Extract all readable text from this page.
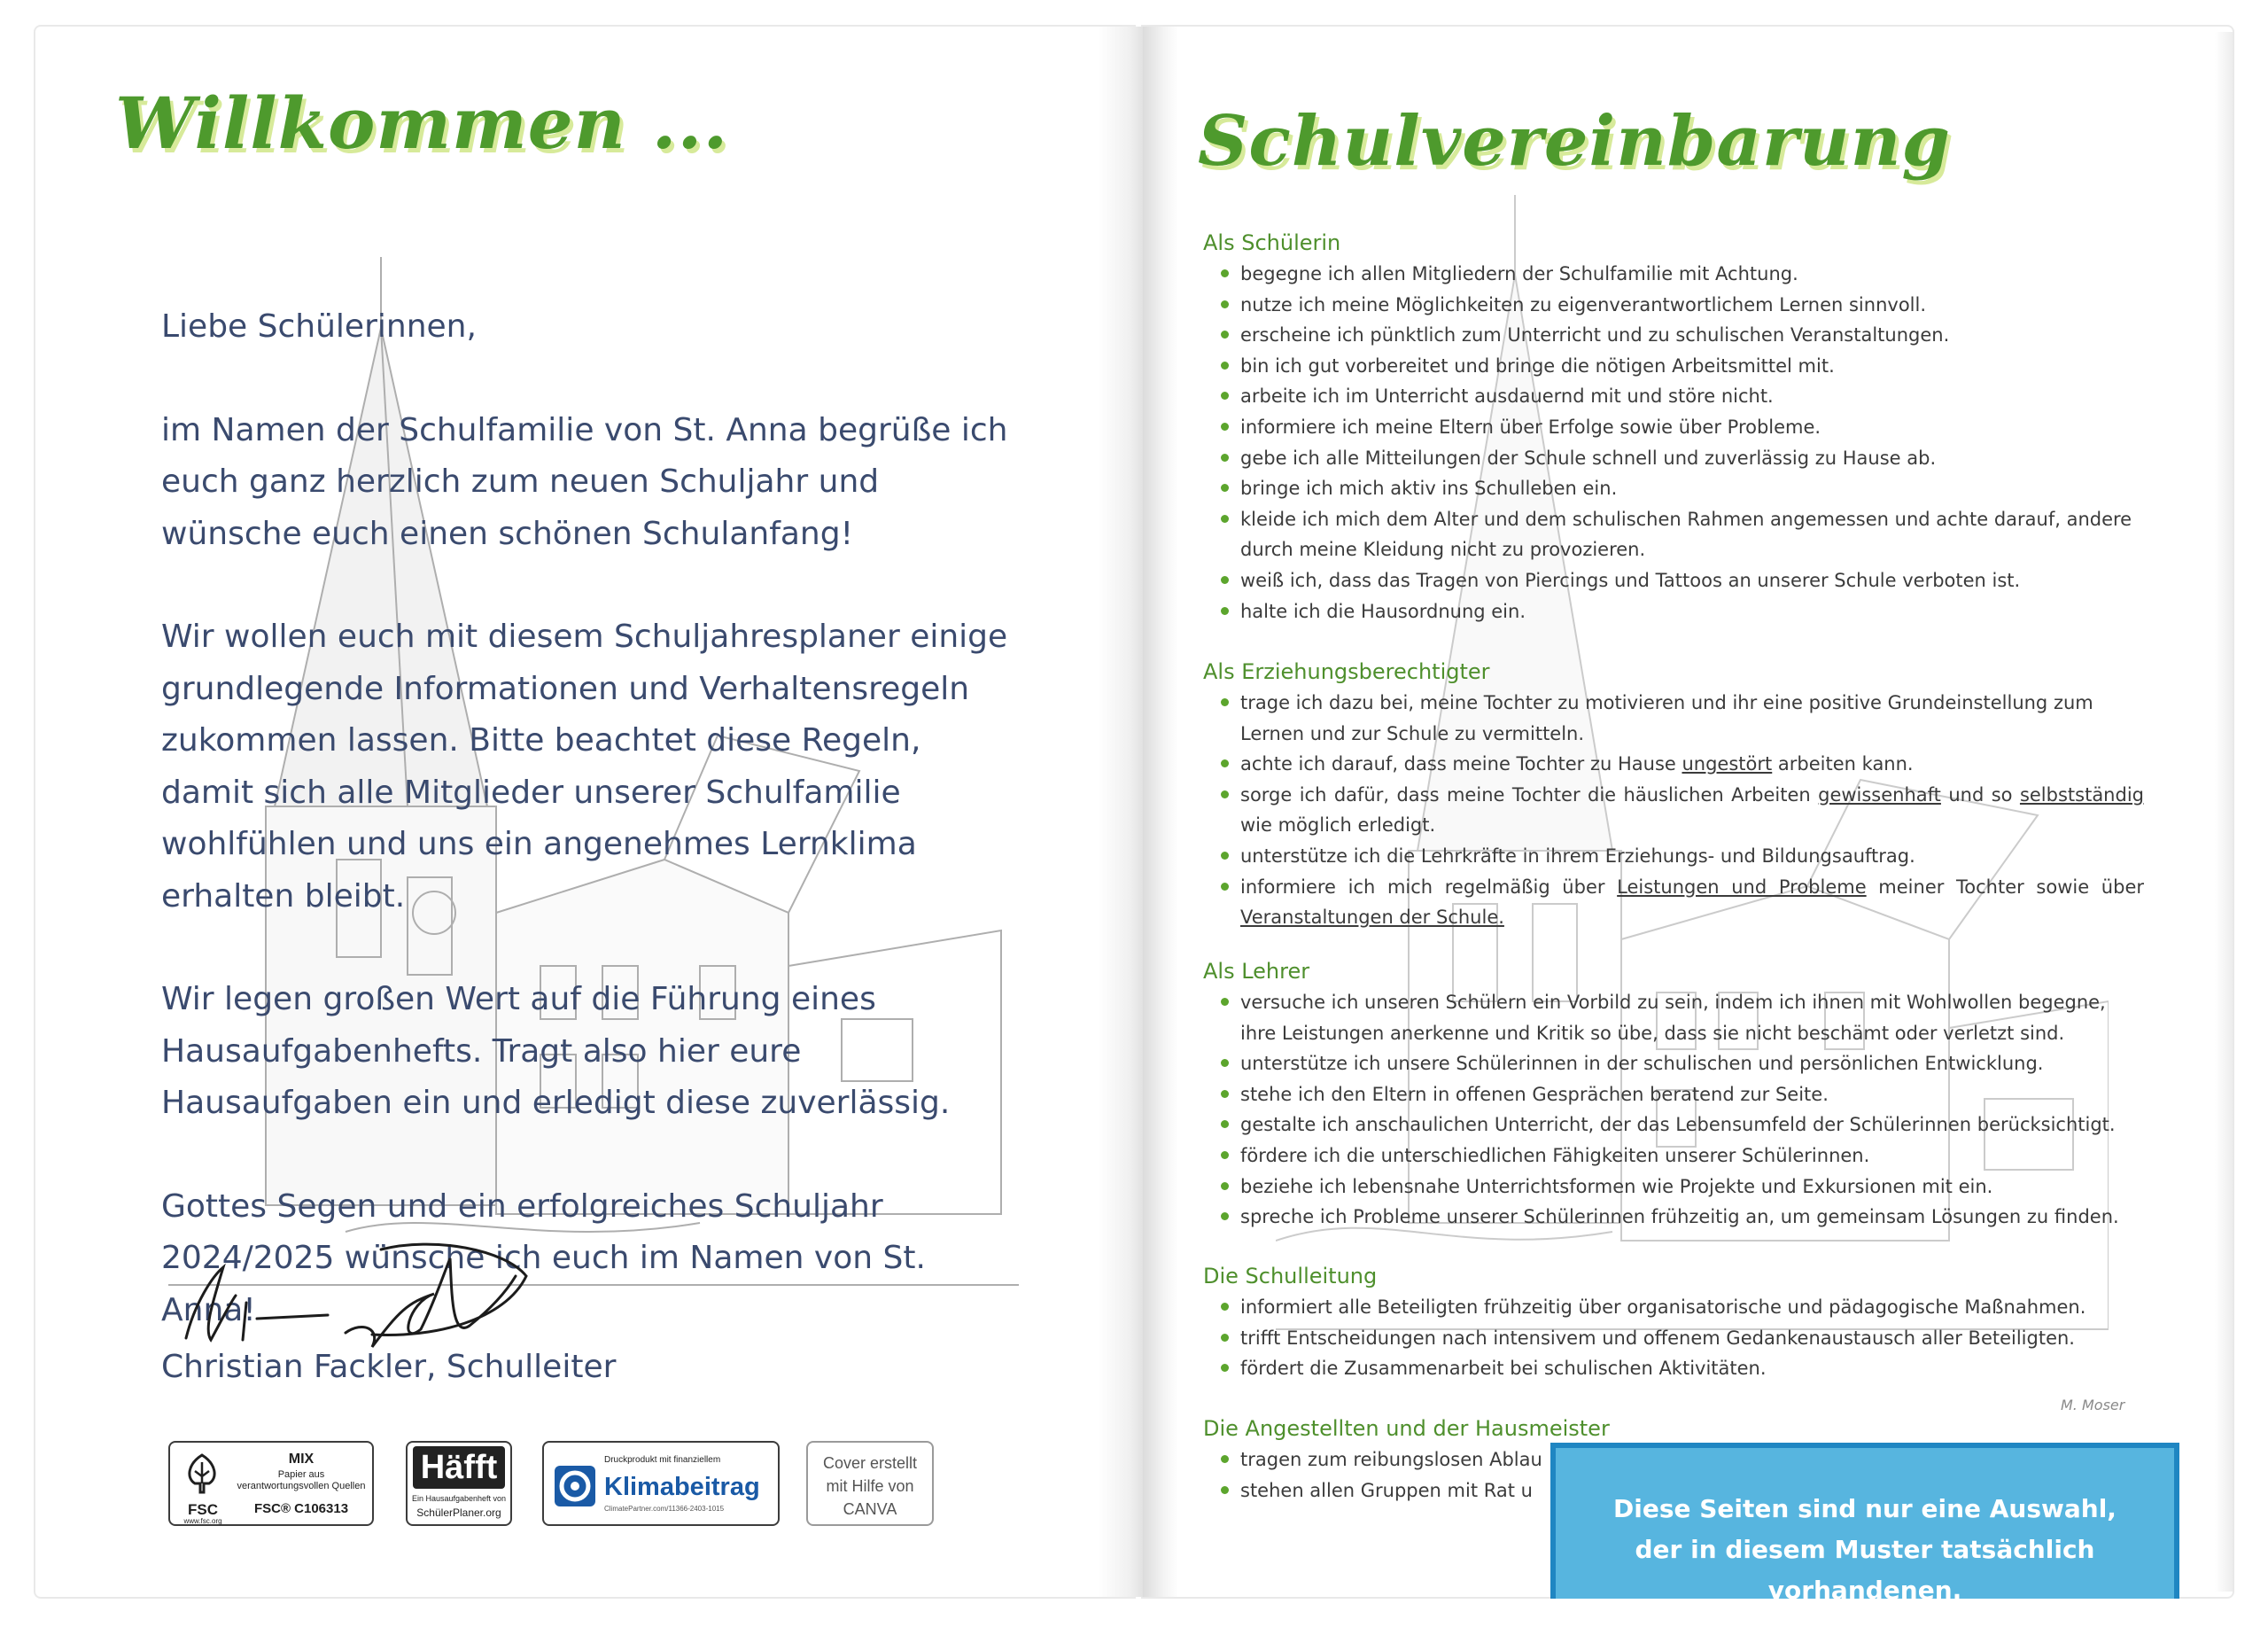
Willkommen ...

Liebe Schülerinnen,

im Namen der Schulfamilie von St. Anna begrüße ich euch ganz herzlich zum neuen Schuljahr und wünsche euch einen schönen Schulanfang!

Wir wollen euch mit diesem Schuljahresplaner einige grundlegende Informationen und Verhaltensregeln zukommen lassen. Bitte beachtet diese Regeln, damit sich alle Mitglieder unserer Schulfamilie wohlfühlen und uns ein angenehmes Lernklima erhalten bleibt.

Wir legen großen Wert auf die Führung eines Hausaufgabenhefts. Tragt also hier eure Hausaufgaben ein und erledigt diese zuverlässig.

Gottes Segen und ein erfolgreiches Schuljahr 2024/2025 wünsche ich euch im Namen von St. Anna!

Christian Fackler, Schulleiter
FSC
www.fsc.org
MIX
Papier aus verantwortungsvollen Quellen
FSC® C106313
Häfft
Ein Hausaufgabenheft von
SchülerPlaner.org
Druckprodukt mit finanziellem
Klimabeitrag
ClimatePartner.com/11366-2403-1015
Cover erstellt mit Hilfe von CANVA
M. Moser
Schulvereinbarung
Als Schülerin
begegne ich allen Mitgliedern der Schulfamilie mit Achtung.
nutze ich meine Möglichkeiten zu eigenverantwortlichem Lernen sinnvoll.
erscheine ich pünktlich zum Unterricht und zu schulischen Veranstaltungen.
bin ich gut vorbereitet und bringe die nötigen Arbeitsmittel mit.
arbeite ich im Unterricht ausdauernd mit und störe nicht.
informiere ich meine Eltern über Erfolge sowie über Probleme.
gebe ich alle Mitteilungen der Schule schnell und zuverlässig zu Hause ab.
bringe ich mich aktiv ins Schulleben ein.
kleide ich mich dem Alter und dem schulischen Rahmen angemessen und achte darauf, andere durch meine Kleidung nicht zu provozieren.
weiß ich, dass das Tragen von Piercings und Tattoos an unserer Schule verboten ist.
halte ich die Hausordnung ein.
Als Erziehungsberechtigter
trage ich dazu bei, meine Tochter zu motivieren und ihr eine positive Grundeinstellung zum Lernen und zur Schule zu vermitteln.
achte ich darauf, dass meine Tochter zu Hause ungestört arbeiten kann.
sorge ich dafür, dass meine Tochter die häuslichen Arbeiten gewissenhaft und so selbstständig wie möglich erledigt.
unterstütze ich die Lehrkräfte in ihrem Erziehungs- und Bildungsauftrag.
informiere ich mich regelmäßig über Leistungen und Probleme meiner Tochter sowie über Veranstaltungen der Schule.
Als Lehrer
versuche ich unseren Schülern ein Vorbild zu sein, indem ich ihnen mit Wohlwollen begegne, ihre Leistungen anerkenne und Kritik so übe, dass sie nicht beschämt oder verletzt sind.
unterstütze ich unsere Schülerinnen in der schulischen und persönlichen Entwicklung.
stehe ich den Eltern in offenen Gesprächen beratend zur Seite.
gestalte ich anschaulichen Unterricht, der das Lebensumfeld der Schülerinnen berücksichtigt.
fördere ich die unterschiedlichen Fähigkeiten unserer Schülerinnen.
beziehe ich lebensnahe Unterrichtsformen wie Projekte und Exkursionen mit ein.
spreche ich Probleme unserer Schülerinnen frühzeitig an, um gemeinsam Lösungen zu finden.
Die Schulleitung
informiert alle Beteiligten frühzeitig über organisatorische und pädagogische Maßnahmen.
trifft Entscheidungen nach intensivem und offenem Gedankenaustausch aller Beteiligten.
fördert die Zusammenarbeit bei schulischen Aktivitäten.
Die Angestellten und der Hausmeister
tragen zum reibungslosen Ablau
stehen allen Gruppen mit Rat u
Diese Seiten sind nur eine Auswahl,
der in diesem Muster tatsächlich vorhandenen.
